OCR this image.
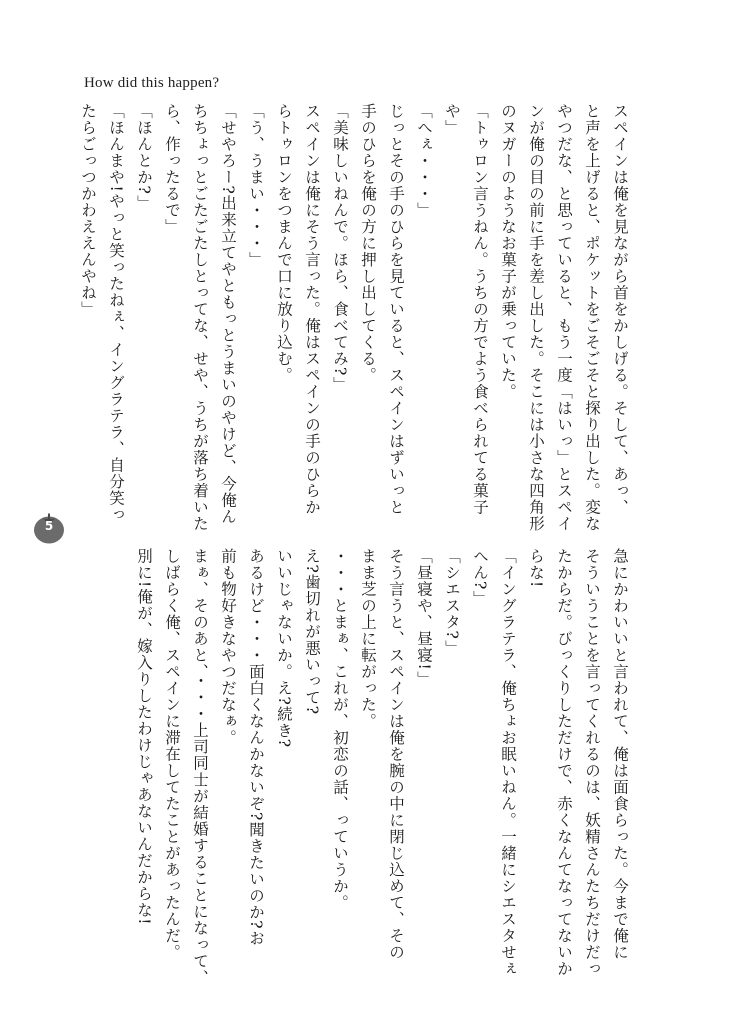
How did this happen?

スペインは俺を見ながら首をかしげる。そして、あっ、

と声を上げると、ポケットをごそごそと探り出した。変な

やつだな、と思っていると、もう一度「はいっ」とスペイ

ンが俺の目の前に手を差し出した。そこには小さな四角形

のヌガーのようなお菓子が乗っていた。

「トゥロン言うねん。うちの方でよう食べられてる菓子

や」

「へぇ・・・」

じっとその手のひらを見ていると、スペインはずいっと

手のひらを俺の方に押し出してくる。

「美味しいねんで。ほら、食べてみ?」

スペインは俺にそう言った。俺はスペインの手のひらか

らトゥロンをつまんで口に放り込む。

「う、うまい・・・」

「せやろー?出来立てやともっとうまいのやけど、今俺ん

ちちょっとごたごたしとってな、せや、うちが落ち着いた

ら、作ったるで」

「ほんとか?」

「ほんまや!やっと笑ったねぇ、イングラテラ、自分笑っ

たらごっつかわええんやね」

急にかわいいと言われて、俺は面食らった。今まで俺に

そういうことを言ってくれるのは、妖精さんたちだけだっ

たからだ。びっくりしただけで、赤くなんてなってないか

らな!

「イングラテラ、俺ちょお眠いねん。一緒にシエスタせぇ

へん?」

「シエスタ?」

「昼寝や、昼寝!」

そう言うと、スペインは俺を腕の中に閉じ込めて、その

まま芝の上に転がった。

・・・とまぁ、これが、初恋の話、っていうか。

え?歯切れが悪いって?

いいじゃないか。え?続き?

あるけど・・・面白くなんかないぞ?聞きたいのか?お

前も物好きなやつだなぁ。

まぁ、そのあと、・・・上司同士が結婚することになって、

しばらく俺、スペインに滞在してたことがあったんだ。

別に!俺が、嫁入りしたわけじゃあないんだからな!

5
